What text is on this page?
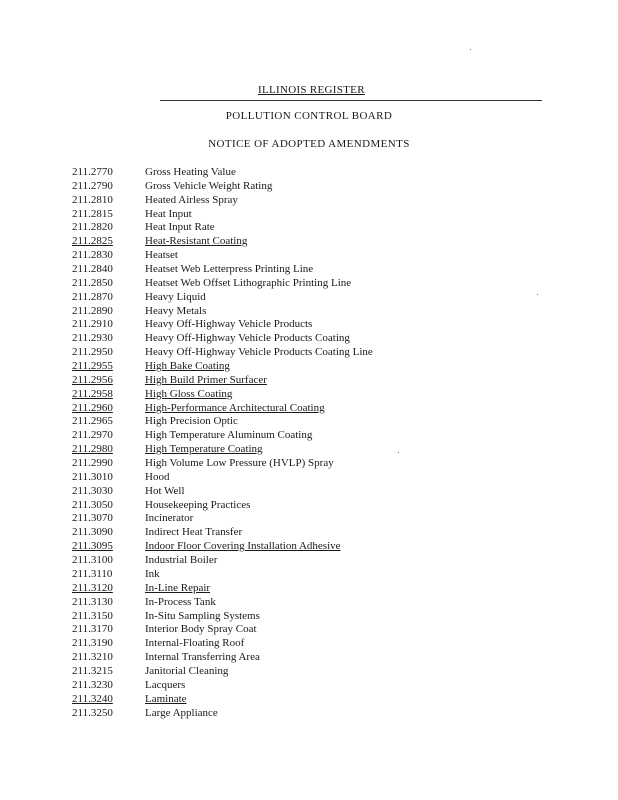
ILLINOIS REGISTER
POLLUTION CONTROL BOARD
NOTICE OF ADOPTED AMENDMENTS
211.2770	Gross Heating Value
211.2790	Gross Vehicle Weight Rating
211.2810	Heated Airless Spray
211.2815	Heat Input
211.2820	Heat Input Rate
211.2825	Heat-Resistant Coating
211.2830	Heatset
211.2840	Heatset Web Letterpress Printing Line
211.2850	Heatset Web Offset Lithographic Printing Line
211.2870	Heavy Liquid
211.2890	Heavy Metals
211.2910	Heavy Off-Highway Vehicle Products
211.2930	Heavy Off-Highway Vehicle Products Coating
211.2950	Heavy Off-Highway Vehicle Products Coating Line
211.2955	High Bake Coating
211.2956	High Build Primer Surfacer
211.2958	High Gloss Coating
211.2960	High-Performance Architectural Coating
211.2965	High Precision Optic
211.2970	High Temperature Aluminum Coating
211.2980	High Temperature Coating
211.2990	High Volume Low Pressure (HVLP) Spray
211.3010	Hood
211.3030	Hot Well
211.3050	Housekeeping Practices
211.3070	Incinerator
211.3090	Indirect Heat Transfer
211.3095	Indoor Floor Covering Installation Adhesive
211.3100	Industrial Boiler
211.3110	Ink
211.3120	In-Line Repair
211.3130	In-Process Tank
211.3150	In-Situ Sampling Systems
211.3170	Interior Body Spray Coat
211.3190	Internal-Floating Roof
211.3210	Internal Transferring Area
211.3215	Janitorial Cleaning
211.3230	Lacquers
211.3240	Laminate
211.3250	Large Appliance
